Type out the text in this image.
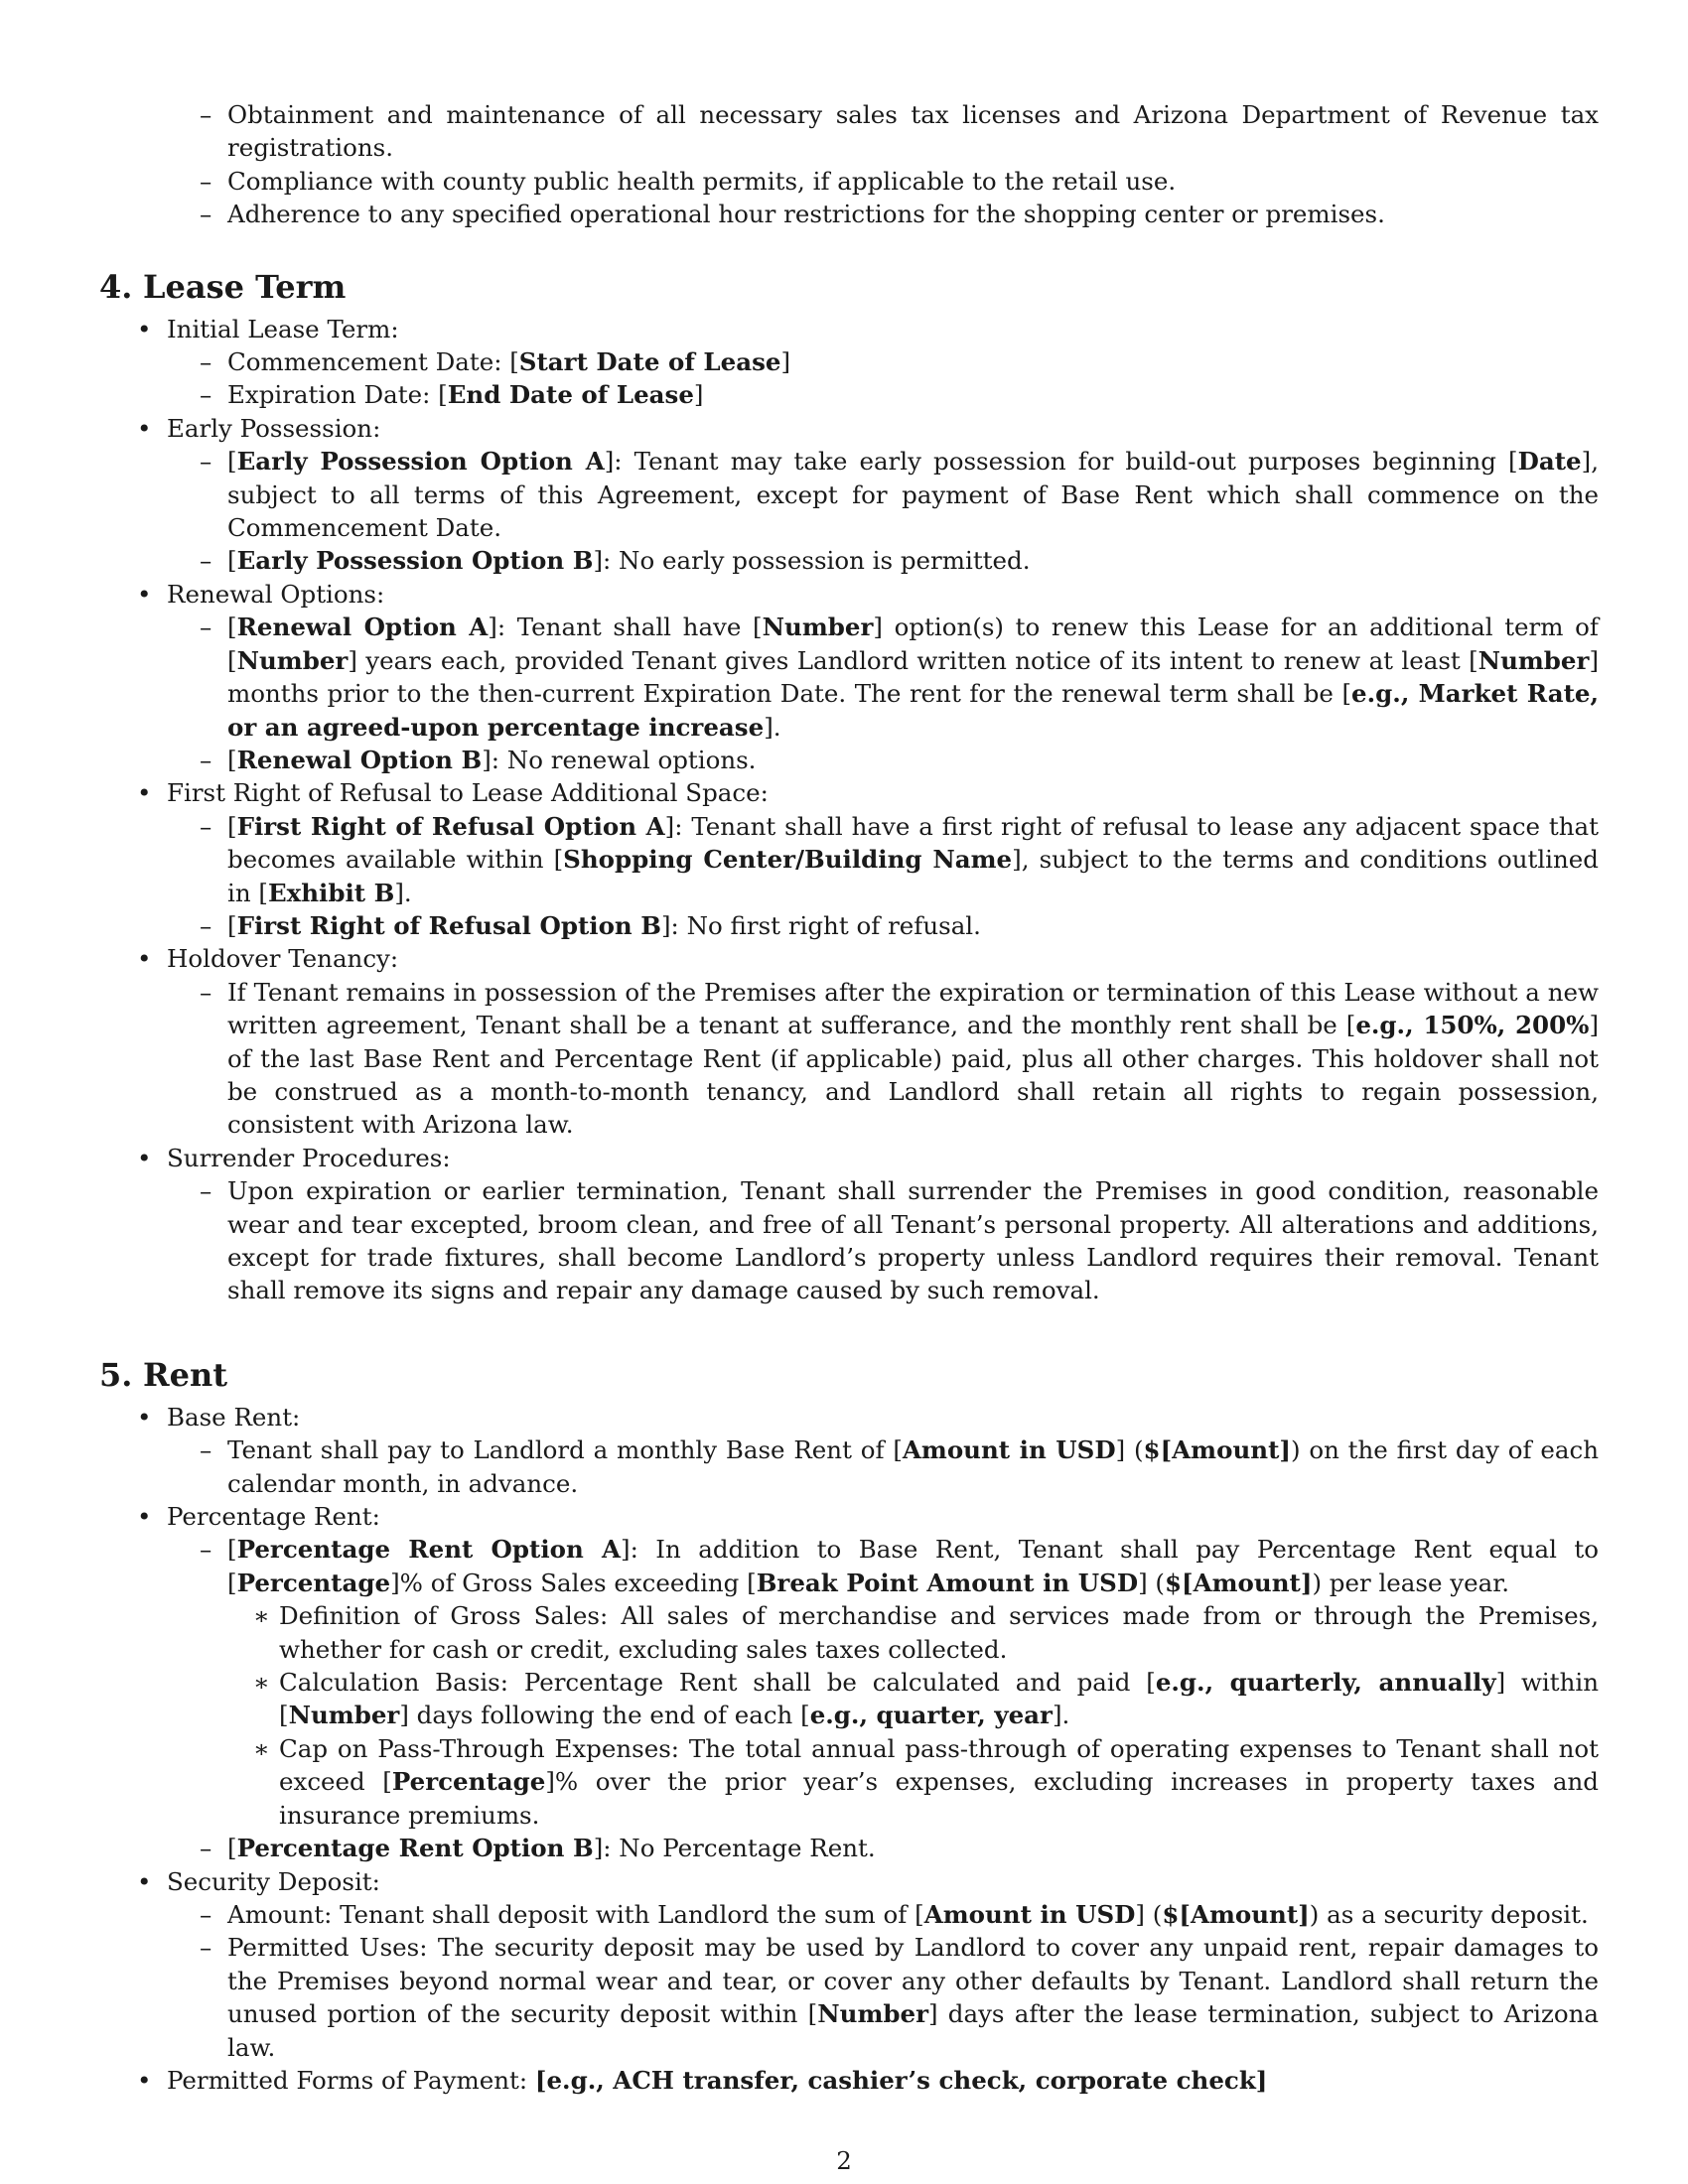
– Obtainment and maintenance of all necessary sales tax licenses and Arizona Department of Revenue tax registrations.

– Compliance with county public health permits, if applicable to the retail use.

– Adherence to any specified operational hour restrictions for the shopping center or premises.

4. Lease Term
• Initial Lease Term:

– Commencement Date: [Start Date of Lease]

– Expiration Date: [End Date of Lease]

• Early Possession:

– [Early Possession Option A]: Tenant may take early possession for build-out purposes beginning [Date], subject to all terms of this Agreement, except for payment of Base Rent which shall commence on the Commencement Date.

– [Early Possession Option B]: No early possession is permitted.

• Renewal Options:

– [Renewal Option A]: Tenant shall have [Number] option(s) to renew this Lease for an additional term of [Number] years each, provided Tenant gives Landlord written notice of its intent to renew at least [Number] months prior to the then-current Expiration Date. The rent for the renewal term shall be [e.g., Market Rate, or an agreed-upon percentage increase].

– [Renewal Option B]: No renewal options.

• First Right of Refusal to Lease Additional Space:

– [First Right of Refusal Option A]: Tenant shall have a first right of refusal to lease any adjacent space that becomes available within [Shopping Center/Building Name], subject to the terms and conditions outlined in [Exhibit B].

– [First Right of Refusal Option B]: No first right of refusal.

• Holdover Tenancy:

– If Tenant remains in possession of the Premises after the expiration or termination of this Lease without a new written agreement, Tenant shall be a tenant at sufferance, and the monthly rent shall be [e.g., 150%, 200%] of the last Base Rent and Percentage Rent (if applicable) paid, plus all other charges. This holdover shall not be construed as a month-to-month tenancy, and Landlord shall retain all rights to regain possession, consistent with Arizona law.

• Surrender Procedures:

– Upon expiration or earlier termination, Tenant shall surrender the Premises in good condition, reasonable wear and tear excepted, broom clean, and free of all Tenant’s personal property. All alterations and additions, except for trade fixtures, shall become Landlord’s property unless Landlord requires their removal. Tenant shall remove its signs and repair any damage caused by such removal.

5. Rent
• Base Rent:

– Tenant shall pay to Landlord a monthly Base Rent of [Amount in USD] ($[Amount]) on the first day of each calendar month, in advance.

• Percentage Rent:

– [Percentage Rent Option A]: In addition to Base Rent, Tenant shall pay Percentage Rent equal to [Percentage]% of Gross Sales exceeding [Break Point Amount in USD] ($[Amount]) per lease year.

∗ Definition of Gross Sales: All sales of merchandise and services made from or through the Premises, whether for cash or credit, excluding sales taxes collected.

∗ Calculation Basis: Percentage Rent shall be calculated and paid [e.g., quarterly, annually] within [Number] days following the end of each [e.g., quarter, year].

∗ Cap on Pass-Through Expenses: The total annual pass-through of operating expenses to Tenant shall not exceed [Percentage]% over the prior year’s expenses, excluding increases in property taxes and insurance premiums.

– [Percentage Rent Option B]: No Percentage Rent.

• Security Deposit:

– Amount: Tenant shall deposit with Landlord the sum of [Amount in USD] ($[Amount]) as a security deposit.

– Permitted Uses: The security deposit may be used by Landlord to cover any unpaid rent, repair damages to the Premises beyond normal wear and tear, or cover any other defaults by Tenant. Landlord shall return the unused portion of the security deposit within [Number] days after the lease termination, subject to Arizona law.

• Permitted Forms of Payment: [e.g., ACH transfer, cashier’s check, corporate check]
2
